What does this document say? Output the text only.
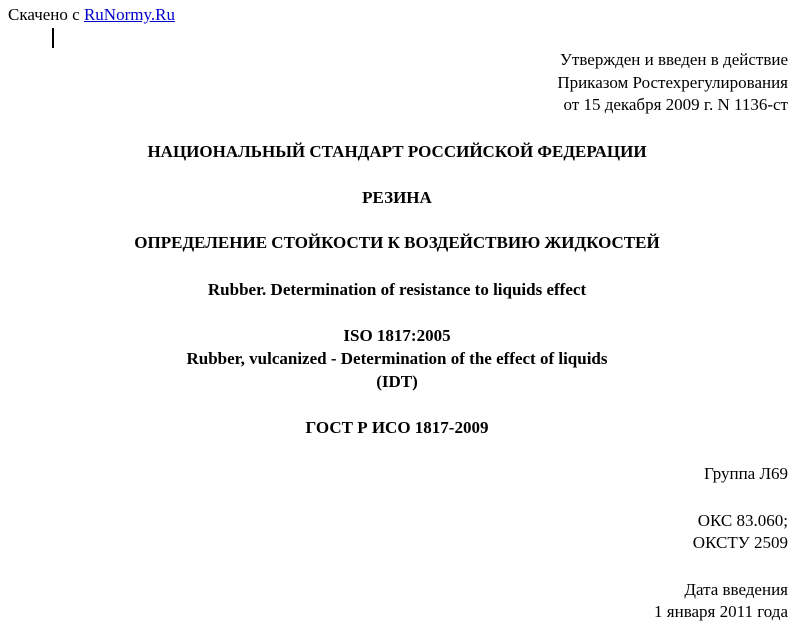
Скачено с RuNormy.Ru
Утвержден и введен в действие
Приказом Ростехрегулирования
от 15 декабря 2009 г. N 1136-ст
НАЦИОНАЛЬНЫЙ СТАНДАРТ РОССИЙСКОЙ ФЕДЕРАЦИИ
РЕЗИНА
ОПРЕДЕЛЕНИЕ СТОЙКОСТИ К ВОЗДЕЙСТВИЮ ЖИДКОСТЕЙ
Rubber. Determination of resistance to liquids effect
ISO 1817:2005
Rubber, vulcanized - Determination of the effect of liquids
(IDT)
ГОСТ Р ИСО 1817-2009
Группа Л69
ОКС 83.060;
ОКСТУ 2509
Дата введения
1 января 2011 года
